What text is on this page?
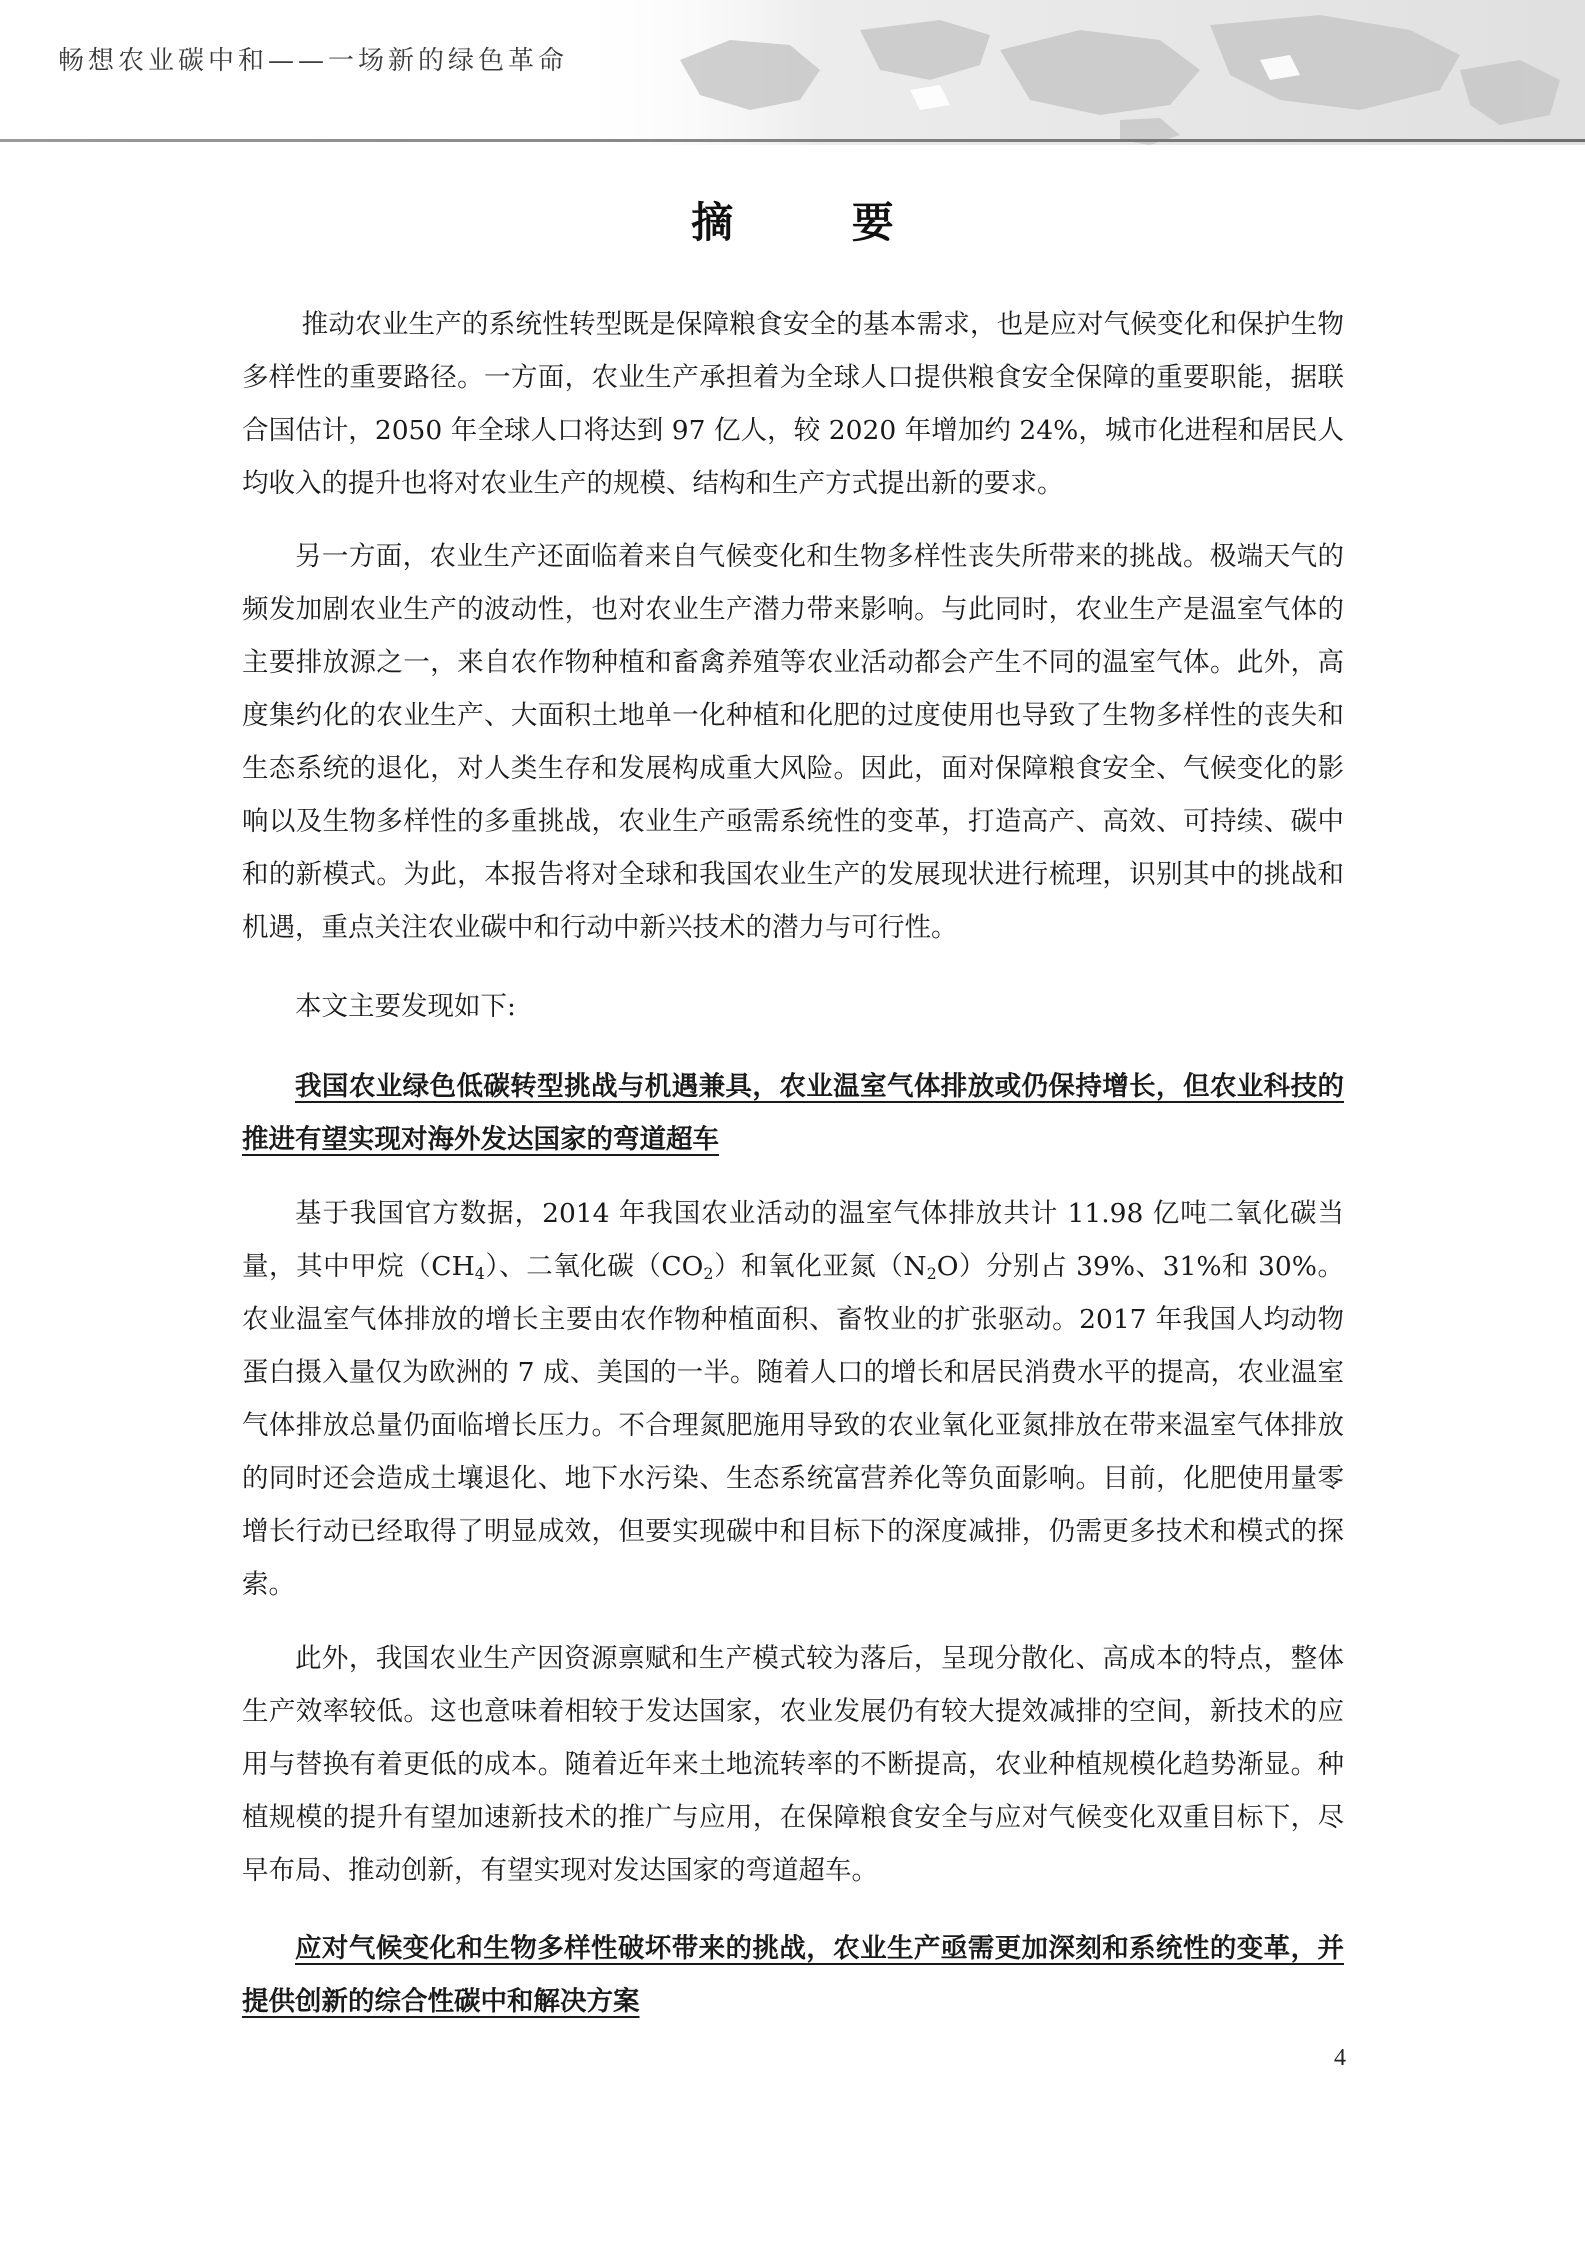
畅想农业碳中和——一场新的绿色革命
摘 要

推动农业生产的系统性转型既是保障粮食安全的基本需求，也是应对气候变化和保护生物多样性的重要路径。一方面，农业生产承担着为全球人口提供粮食安全保障的重要职能，据联合国估计，2050 年全球人口将达到 97 亿人，较 2020 年增加约 24%，城市化进程和居民人均收入的提升也将对农业生产的规模、结构和生产方式提出新的要求。

另一方面，农业生产还面临着来自气候变化和生物多样性丧失所带来的挑战。极端天气的频发加剧农业生产的波动性，也对农业生产潜力带来影响。与此同时，农业生产是温室气体的主要排放源之一，来自农作物种植和畜禽养殖等农业活动都会产生不同的温室气体。此外，高度集约化的农业生产、大面积土地单一化种植和化肥的过度使用也导致了生物多样性的丧失和生态系统的退化，对人类生存和发展构成重大风险。因此，面对保障粮食安全、气候变化的影响以及生物多样性的多重挑战，农业生产亟需系统性的变革，打造高产、高效、可持续、碳中和的新模式。为此，本报告将对全球和我国农业生产的发展现状进行梳理，识别其中的挑战和机遇，重点关注农业碳中和行动中新兴技术的潜力与可行性。

本文主要发现如下:

我国农业绿色低碳转型挑战与机遇兼具，农业温室气体排放或仍保持增长，但农业科技的推进有望实现对海外发达国家的弯道超车

基于我国官方数据，2014 年我国农业活动的温室气体排放共计 11.98 亿吨二氧化碳当量，其中甲烷$(CH_4)$、二氧化碳$(CO_2)$和氧化亚氮$(N_2O)$分别占 39%、31%和 30%。农业温室气体排放的增长主要由农作物种植面积、畜牧业的扩张驱动。2017 年我国人均动物蛋白摄入量仅为欧洲的 7 成、美国的一半。随着人口的增长和居民消费水平的提高，农业温室气体排放总量仍面临增长压力。不合理氮肥施用导致的农业氧化亚氮排放在带来温室气体排放的同时还会造成土壤退化、地下水污染、生态系统富营养化等负面影响。目前，化肥使用量零增长行动已经取得了明显成效，但要实现碳中和目标下的深度减排，仍需更多技术和模式的探索。

此外，我国农业生产因资源禀赋和生产模式较为落后，呈现分散化、高成本的特点，整体生产效率较低。这也意味着相较于发达国家，农业发展仍有较大提效减排的空间，新技术的应用与替换有着更低的成本。随着近年来土地流转率的不断提高，农业种植规模化趋势渐显。种植规模的提升有望加速新技术的推广与应用，在保障粮食安全与应对气候变化双重目标下，尽早布局、推动创新，有望实现对发达国家的弯道超车。

应对气候变化和生物多样性破坏带来的挑战，农业生产亟需更加深刻和系统性的变革，并提供创新的综合性碳中和解决方案

4
